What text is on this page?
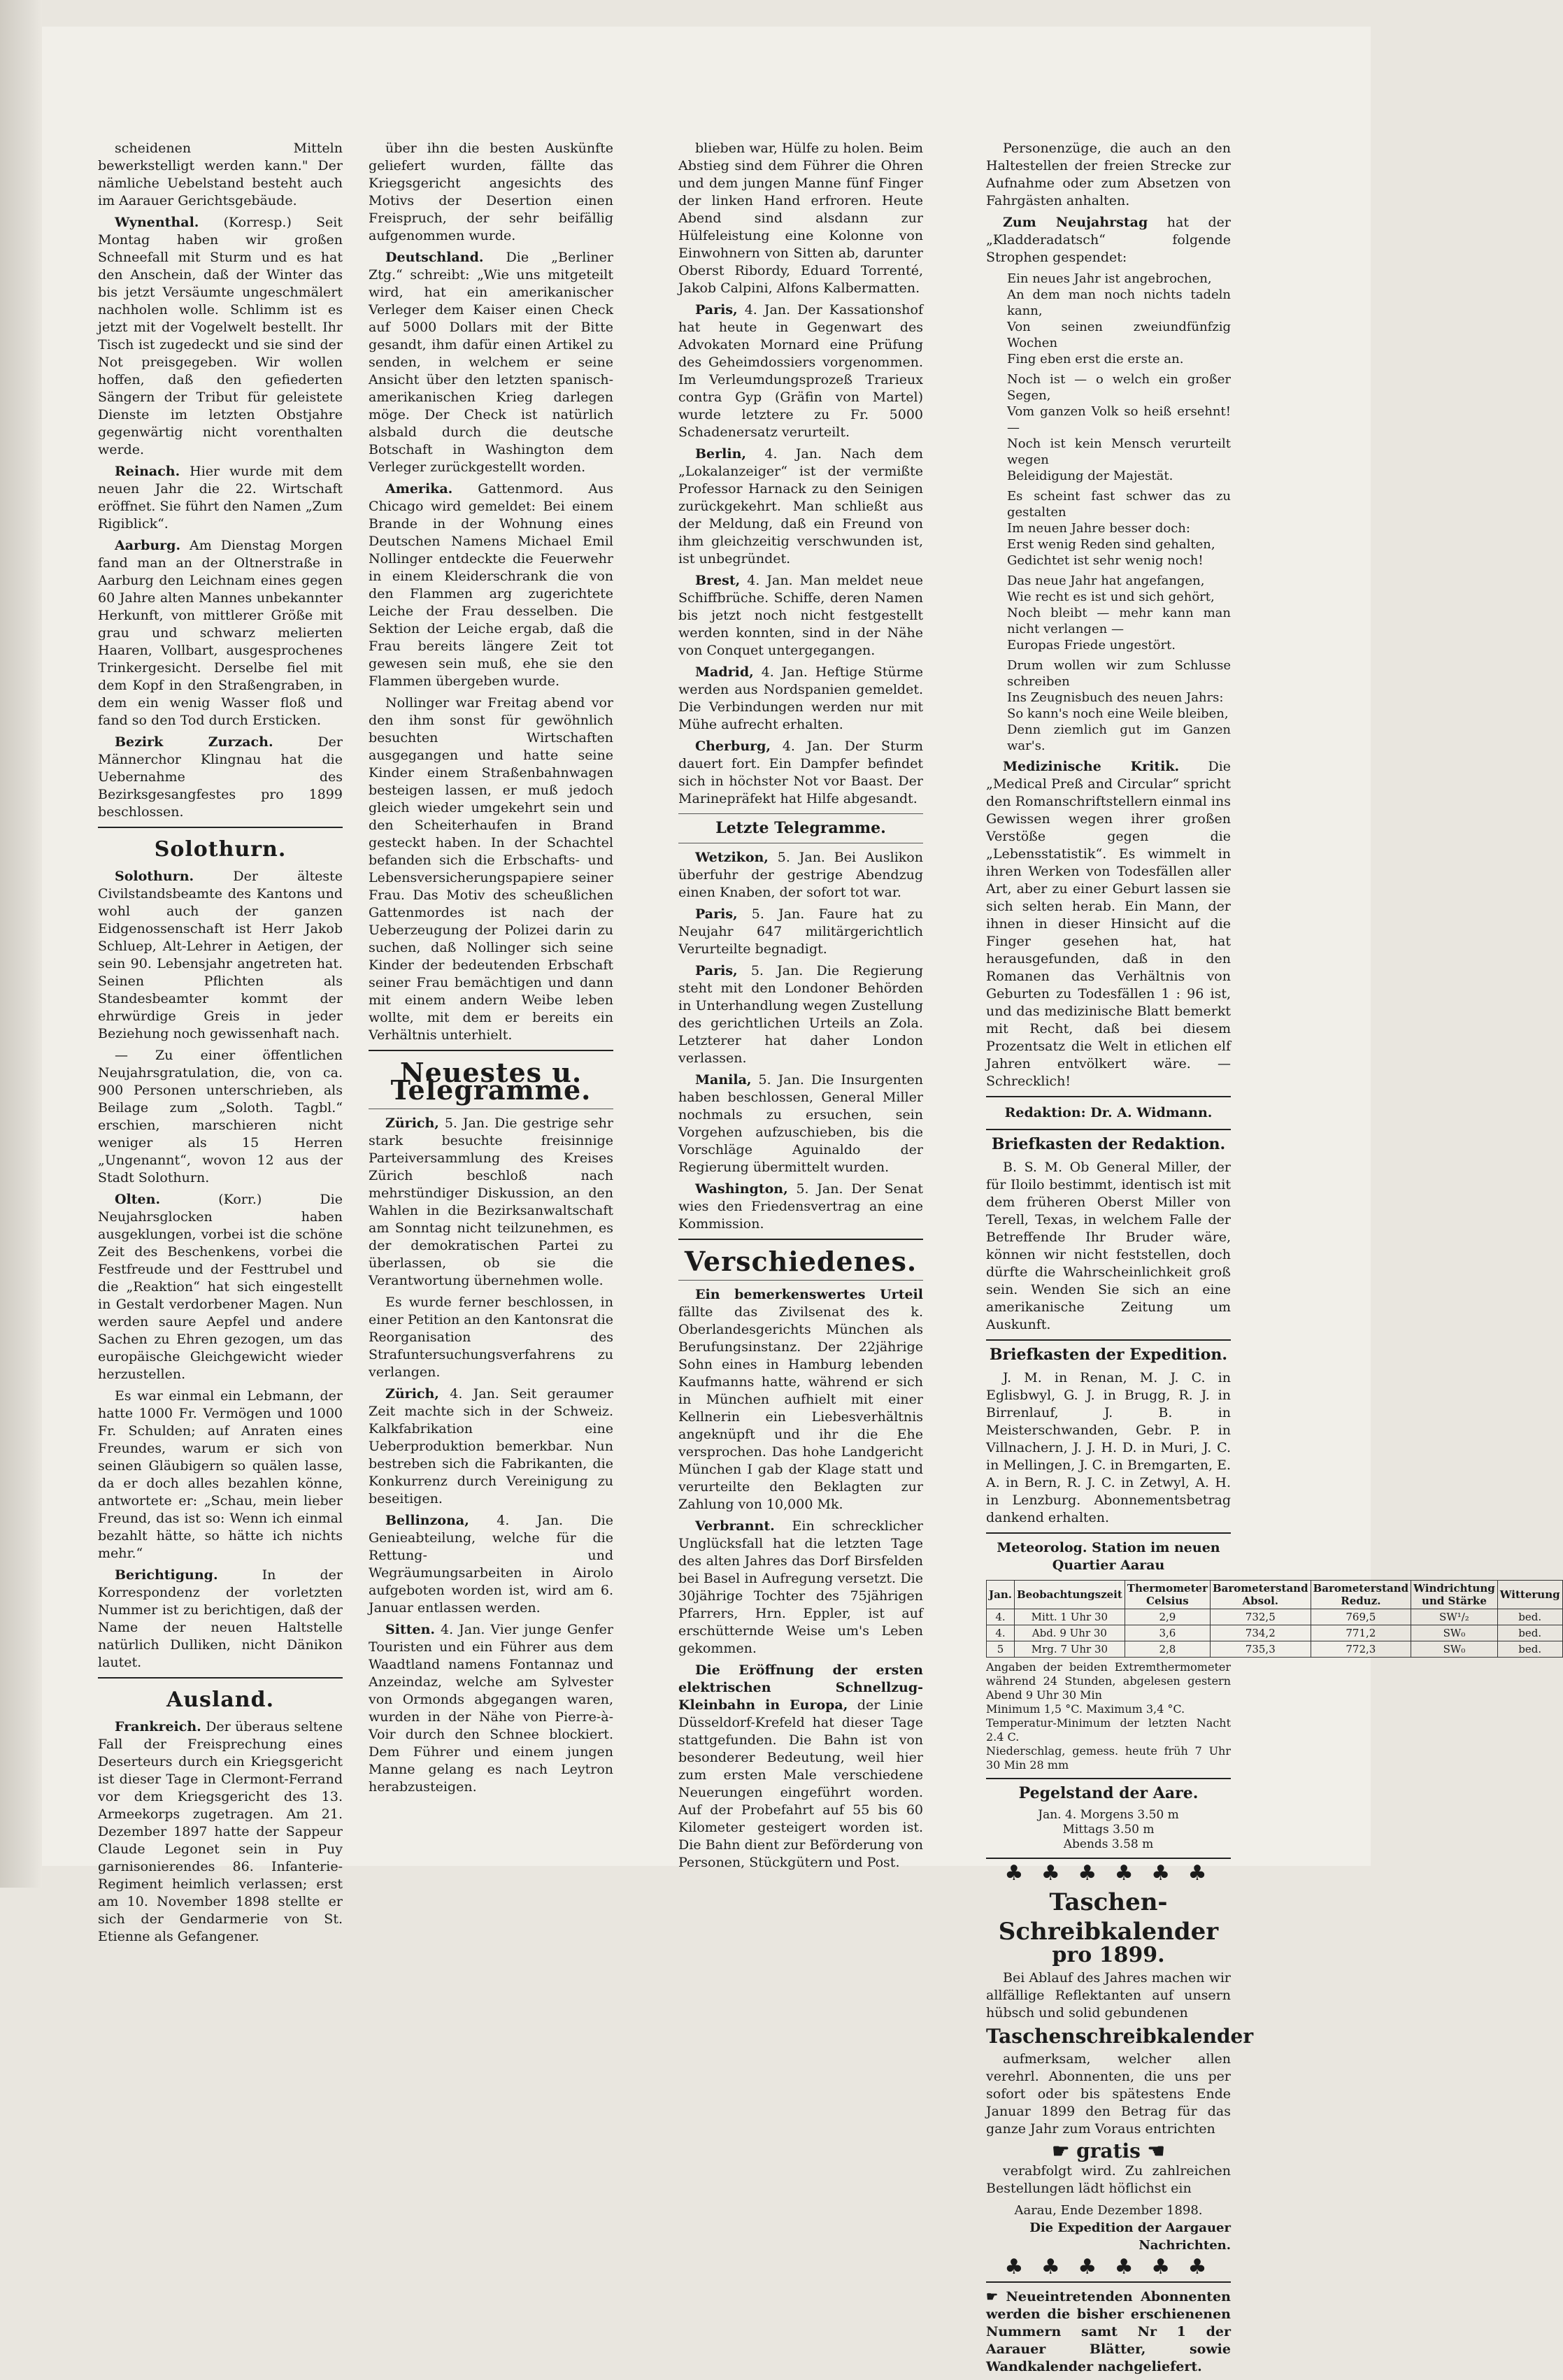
scheidenen Mitteln bewerkstelligt werden kann." Der nämliche Uebelstand besteht auch im Aarauer Gerichtsgebäude.

Wynenthal. (Korresp.) Seit Montag haben wir großen Schneefall mit Sturm und es hat den Anschein, daß der Winter das bis jetzt Versäumte ungeschmälert nachholen wolle. Schlimm ist es jetzt mit der Vogelwelt bestellt. Ihr Tisch ist zugedeckt und sie sind der Not preisgegeben. Wir wollen hoffen, daß den gefiederten Sängern der Tribut für geleistete Dienste im letzten Obstjahre gegenwärtig nicht vorenthalten werde.

Reinach. Hier wurde mit dem neuen Jahr die 22. Wirtschaft eröffnet. Sie führt den Namen „Zum Rigiblick“.

Aarburg. Am Dienstag Morgen fand man an der Oltnerstraße in Aarburg den Leichnam eines gegen 60 Jahre alten Mannes unbekannter Herkunft, von mittlerer Größe mit grau und schwarz melierten Haaren, Vollbart, ausgesprochenes Trinkergesicht. Derselbe fiel mit dem Kopf in den Straßengraben, in dem ein wenig Wasser floß und fand so den Tod durch Ersticken.

Bezirk Zurzach.	Der Männerchor Klingnau hat die Uebernahme des Bezirksgesangfestes pro 1899 beschlossen.

Solothurn.

Solothurn.	Der älteste Civilstandsbeamte des Kantons und wohl auch der ganzen Eidgenossenschaft ist Herr Jakob Schluep, Alt-Lehrer in Aetigen, der sein 90. Lebensjahr angetreten hat. Seinen Pflichten als Standesbeamter kommt der ehrwürdige Greis in jeder Beziehung noch gewissenhaft nach.

— Zu einer öffentlichen Neujahrsgratulation, die, von ca. 900 Personen unterschrieben, als Beilage zum „Soloth. Tagbl.“ erschien, marschieren nicht weniger als 15 Herren „Ungenannt“, wovon 12 aus der Stadt Solothurn.

Olten.	(Korr.) Die Neujahrsglocken haben ausgeklungen, vorbei ist die schöne Zeit des Beschenkens, vorbei die Festfreude und der Festtrubel und die „Reaktion“ hat sich eingestellt in Gestalt verdorbener Magen. Nun werden saure Aepfel und andere Sachen zu Ehren gezogen, um das europäische Gleichgewicht wieder herzustellen.

Es war einmal ein Lebmann, der hatte 1000 Fr. Vermögen und 1000 Fr. Schulden; auf Anraten eines Freundes, warum er sich von seinen Gläubigern so quälen lasse, da er doch alles bezahlen könne, antwortete er: „Schau, mein lieber Freund, das ist so: Wenn ich einmal bezahlt hätte, so hätte ich nichts mehr.“

Berichtigung.	In der Korrespondenz der vorletzten Nummer ist zu berichtigen, daß der Name der neuen Haltstelle natürlich Dulliken, nicht Dänikon lautet.

Ausland.

Frankreich. Der überaus seltene Fall der Freisprechung eines Deserteurs durch ein Kriegsgericht ist dieser Tage in Clermont-Ferrand vor dem Kriegsgericht des 13. Armeekorps zugetragen. Am 21. Dezember 1897 hatte der Sappeur Claude Legonet sein in Puy garnisonierendes 86. Infanterie-Regiment heimlich verlassen; erst am 10. November 1898 stellte er sich der Gendarmerie von St. Etienne als Gefangener.

über ihn die besten Auskünfte geliefert wurden, fällte das Kriegsgericht angesichts des Motivs der Desertion einen Freispruch, der sehr beifällig aufgenommen wurde.

Deutschland. Die „Berliner Ztg.“ schreibt: „Wie uns mitgeteilt wird, hat ein amerikanischer Verleger dem Kaiser einen Check auf 5000 Dollars mit der Bitte gesandt, ihm dafür einen Artikel zu senden, in welchem er seine Ansicht über den letzten spanisch-amerikanischen Krieg darlegen möge. Der Check ist natürlich alsbald durch die deutsche Botschaft in Washington dem Verleger zurückgestellt worden.

Amerika. Gattenmord. Aus Chicago wird gemeldet: Bei einem Brande in der Wohnung eines Deutschen Namens Michael Emil Nollinger entdeckte die Feuerwehr in einem Kleiderschrank die von den Flammen arg zugerichtete Leiche der Frau desselben. Die Sektion der Leiche ergab, daß die Frau bereits längere Zeit tot gewesen sein muß, ehe sie den Flammen übergeben wurde.

Nollinger war Freitag abend vor den ihm sonst für gewöhnlich besuchten Wirtschaften ausgegangen und hatte seine Kinder einem Straßenbahnwagen besteigen lassen, er muß jedoch gleich wieder umgekehrt sein und den Scheiterhaufen in Brand gesteckt haben. In der Schachtel befanden sich die Erbschafts- und Lebensversicherungspapiere seiner Frau. Das Motiv des scheußlichen Gattenmordes ist nach der Ueberzeugung der Polizei darin zu suchen, daß Nollinger sich seine Kinder der bedeutenden Erbschaft seiner Frau bemächtigen und dann mit einem andern Weibe leben wollte, mit dem er bereits ein Verhältnis unterhielt.

Neuestes u. Telegramme.

Zürich, 5. Jan. Die gestrige sehr stark besuchte freisinnige Parteiversammlung des Kreises Zürich beschloß nach mehrstündiger Diskussion, an den Wahlen in die Bezirksanwaltschaft am Sonntag nicht teilzunehmen, es der demokratischen Partei zu überlassen, ob sie die Verantwortung übernehmen wolle.

Es wurde ferner beschlossen, in einer Petition an den Kantonsrat die Reorganisation des Strafuntersuchungsverfahrens zu verlangen.

Zürich, 4. Jan. Seit geraumer Zeit machte sich in der Schweiz. Kalkfabrikation eine Ueberproduktion bemerkbar. Nun bestreben sich die Fabrikanten, die Konkurrenz durch Vereinigung zu beseitigen.

Bellinzona, 4. Jan. Die Genieabteilung, welche für die Rettung- und Wegräumungsarbeiten in Airolo aufgeboten worden ist, wird am 6. Januar entlassen werden.

Sitten. 4. Jan. Vier junge Genfer Touristen und ein Führer aus dem Waadtland namens Fontannaz und Anzeindaz, welche am Sylvester von Ormonds abgegangen waren, wurden in der Nähe von Pierre-à-Voir durch den Schnee blockiert. Dem Führer und einem jungen Manne gelang es nach Leytron herabzusteigen.

blieben war, Hülfe zu holen. Beim Abstieg sind dem Führer die Ohren und dem jungen Manne fünf Finger der linken Hand erfroren. Heute Abend sind alsdann zur Hülfeleistung eine Kolonne von Einwohnern von Sitten ab, darunter Oberst Ribordy, Eduard Torrenté, Jakob Calpini, Alfons Kalbermatten.

Paris, 4. Jan. Der Kassationshof hat heute in Gegenwart des Advokaten Mornard eine Prüfung des Geheimdossiers vorgenommen. Im Verleumdungsprozeß Trarieux contra Gyp (Gräfin von Martel) wurde letztere zu Fr. 5000 Schadenersatz verurteilt.

Berlin, 4. Jan. Nach dem „Lokalanzeiger“ ist der vermißte Professor Harnack zu den Seinigen zurückgekehrt. Man schließt aus der Meldung, daß ein Freund von ihm gleichzeitig verschwunden ist, ist unbegründet.

Brest, 4. Jan. Man meldet neue Schiffbrüche. Schiffe, deren Namen bis jetzt noch nicht festgestellt werden konnten, sind in der Nähe von Conquet untergegangen.

Madrid, 4. Jan. Heftige Stürme werden aus Nordspanien gemeldet. Die Verbindungen werden nur mit Mühe aufrecht erhalten.

Cherburg, 4. Jan. Der Sturm dauert fort. Ein Dampfer befindet sich in höchster Not vor Baast. Der Marinepräfekt hat Hilfe abgesandt.

Letzte Telegramme.

Wetzikon, 5. Jan. Bei Auslikon überfuhr der gestrige Abendzug einen Knaben, der sofort tot war.

Paris, 5. Jan. Faure hat zu Neujahr 647 militärgerichtlich Verurteilte begnadigt.

Paris, 5. Jan. Die Regierung steht mit den Londoner Behörden in Unterhandlung wegen Zustellung des gerichtlichen Urteils an Zola. Letzterer hat daher London verlassen.

Manila, 5. Jan. Die Insurgenten haben beschlossen, General Miller nochmals zu ersuchen, sein Vorgehen aufzuschieben, bis die Vorschläge Aguinaldo der Regierung übermittelt wurden.

Washington, 5. Jan. Der Senat wies den Friedensvertrag an eine Kommission.

Verschiedenes.

Ein bemerkenswertes Urteil fällte das Zivilsenat des k. Oberlandesgerichts München als Berufungsinstanz. Der 22jährige Sohn eines in Hamburg lebenden Kaufmanns hatte, während er sich in München aufhielt mit einer Kellnerin ein Liebesverhältnis angeknüpft und ihr die Ehe versprochen. Das hohe Landgericht München I gab der Klage statt und verurteilte den Beklagten zur Zahlung von 10,000 Mk.

Verbrannt. Ein schrecklicher Unglücksfall hat die letzten Tage des alten Jahres das Dorf Birsfelden bei Basel in Aufregung versetzt. Die 30jährige Tochter des 75jährigen Pfarrers, Hrn. Eppler, ist auf erschütternde Weise um's Leben gekommen.

Die Eröffnung der ersten elektrischen Schnellzug-Kleinbahn in Europa, der Linie Düsseldorf-Krefeld hat dieser Tage stattgefunden. Die Bahn ist von besonderer Bedeutung, weil hier zum ersten Male verschiedene Neuerungen eingeführt worden. Auf der Probefahrt auf 55 bis 60 Kilometer gesteigert worden ist. Die Bahn dient zur Beförderung von Personen, Stückgütern und Post.

Personenzüge, die auch an den Haltestellen der freien Strecke zur Aufnahme oder zum Absetzen von Fahrgästen anhalten.

Zum Neujahrstag hat der „Kladderadatsch“ folgende Strophen gespendet:

Ein neues Jahr ist angebrochen,
An dem man noch nichts tadeln kann,
Von seinen zweiundfünfzig Wochen
Fing eben erst die erste an.
Noch ist — o welch ein großer Segen,
Vom ganzen Volk so heiß ersehnt! —
Noch ist kein Mensch verurteilt wegen
Beleidigung der Majestät.
Es scheint fast schwer das zu gestalten
Im neuen Jahre besser doch:
Erst wenig Reden sind gehalten,
Gedichtet ist sehr wenig noch!
Das neue Jahr hat angefangen,
Wie recht es ist und sich gehört,
Noch bleibt — mehr kann man nicht verlangen —
Europas Friede ungestört.
Drum wollen wir zum Schlusse schreiben
Ins Zeugnisbuch des neuen Jahrs:
So kann's noch eine Weile bleiben,
Denn ziemlich gut im Ganzen war's.

Medizinische Kritik. Die „Medical Preß and Circular“ spricht den Romanschriftstellern einmal ins Gewissen wegen ihrer großen Verstöße gegen die „Lebensstatistik“. Es wimmelt in ihren Werken von Todesfällen aller Art, aber zu einer Geburt lassen sie sich selten herab. Ein Mann, der ihnen in dieser Hinsicht auf die Finger gesehen hat, hat herausgefunden, daß in den Romanen das Verhältnis von Geburten zu Todesfällen 1 : 96 ist, und das medizinische Blatt bemerkt mit Recht, daß bei diesem Prozentsatz die Welt in etlichen elf Jahren entvölkert wäre. — Schrecklich!

Redaktion: Dr. A. Widmann.
Briefkasten der Redaktion.

B. S. M. Ob General Miller, der für Iloilo bestimmt, identisch ist mit dem früheren Oberst Miller von Terell, Texas, in welchem Falle der Betreffende Ihr Bruder wäre, können wir nicht feststellen, doch dürfte die Wahrscheinlichkeit groß sein. Wenden Sie sich an eine amerikanische Zeitung um Auskunft.

Briefkasten der Expedition.

J. M. in Renan, M. J. C. in Eglisbwyl, G. J. in Brugg, R. J. in Birrenlauf, J. B. in Meisterschwanden, Gebr. P. in Villnachern, J. J. H. D. in Muri, J. C. in Mellingen, J. C. in Bremgarten, E. A. in Bern, R. J. C. in Zetwyl, A. H. in Lenzburg. Abonnementsbetrag dankend erhalten.

Meteorolog. Station im neuen Quartier Aarau
Jan.	Beobachtungszeit	Thermometer Celsius	Barometerstand Absol.	Barometerstand Reduz.	Windrichtung und Stärke	Witterung
4.	Mitt. 1 Uhr 30	2,9	732,5	769,5	SW¹/₂	bed.
4.	Abd. 9 Uhr 30	3,6	734,2	771,2	SW₀	bed.
5	Mrg. 7 Uhr 30	2,8	735,3	772,3	SW₀	bed.
Angaben der beiden Extremthermometer während 24 Stunden, abgelesen gestern Abend 9 Uhr 30 Min
Minimum 1,5 °C. Maximum 3,4 °C.
Temperatur-Minimum der letzten Nacht 2.4 C.
Niederschlag, gemess. heute früh 7 Uhr 30 Min 28 mm
Pegelstand der Aare.
Jan. 4. Morgens 3.50 m
Mittags 3.50 m
Abends 3.58 m
♣ ♣ ♣ ♣ ♣ ♣
Taschen-Schreibkalender
pro 1899.

Bei Ablauf des Jahres machen wir allfällige Reflektanten auf unsern hübsch und solid gebundenen

Taschenschreibkalender

aufmerksam, welcher allen verehrl. Abonnenten, die uns per sofort oder bis spätestens Ende Januar 1899 den Betrag für das ganze Jahr zum Voraus entrichten

☛ gratis ☚

verabfolgt wird. Zu zahlreichen Bestellungen lädt höflichst ein

Aarau, Ende Dezember 1898.
Die Expedition der Aargauer Nachrichten.
♣ ♣ ♣ ♣ ♣ ♣

☛ Neueintretenden Abonnenten werden die bisher erschienenen Nummern samt Nr 1 der Aarauer Blätter, sowie Wandkalender nachgeliefert.
